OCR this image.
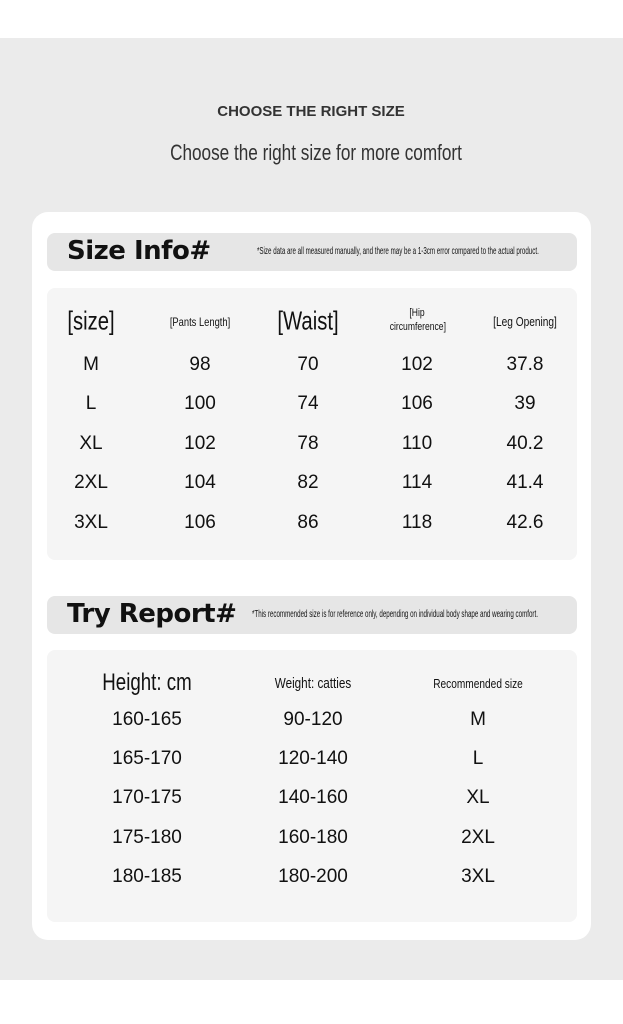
CHOOSE THE RIGHT SIZE
Choose the right size for more comfort
Size Info#	*Size data are all measured manually, and there may be a 1-3cm error compared to the actual product.
[size]	[Pants Length]	[Waist]	[Hip circumference]	[Leg Opening]
M	98	70	102	37.8
L	100	74	106	39
XL	102	78	110	40.2
2XL	104	82	114	41.4
3XL	106	86	118	42.6
Try Report# *This recommended size is for reference only, depending on individual body shape and wearing comfort.
Height: cm	Weight: catties	Recommended size
160-165	90-120	M
165-170	120-140	L
170-175	140-160	XL
175-180	160-180	2XL
180-185	180-200	3XL
